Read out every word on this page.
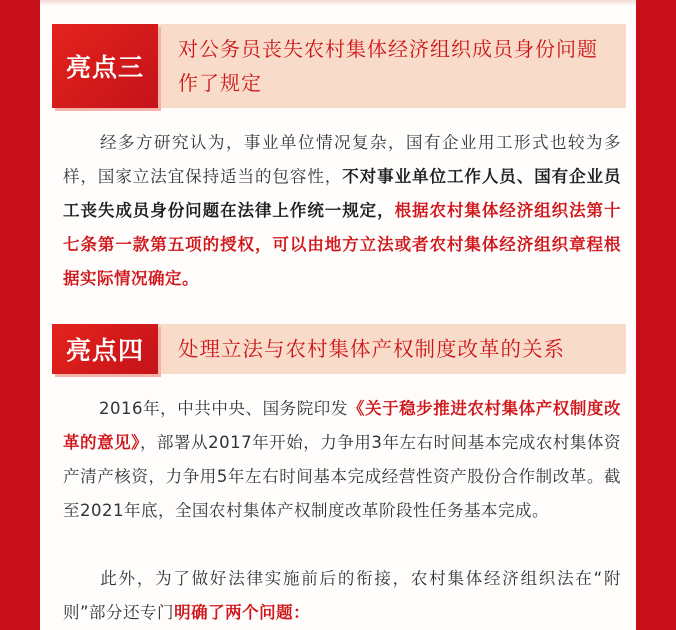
亮点三
对公务员丧失农村集体经济组织成员身份问题作了规定

经多方研究认为，事业单位情况复杂，国有企业用工形式也较为多样，国家立法宜保持适当的包容性，不对事业单位工作人员、国有企业员工丧失成员身份问题在法律上作统一规定，根据农村集体经济组织法第十七条第一款第五项的授权，可以由地方立法或者农村集体经济组织章程根据实际情况确定。

亮点四	处理立法与农村集体产权制度改革的关系

2016年，中共中央、国务院印发《关于稳步推进农村集体产权制度改革的意见》，部署从2017年开始，力争用3年左右时间基本完成农村集体资产清产核资，力争用5年左右时间基本完成经营性资产股份合作制改革。截至2021年底，全国农村集体产权制度改革阶段性任务基本完成。

此外，为了做好法律实施前后的衔接，农村集体经济组织法在“附则”部分还专门明确了两个问题：
